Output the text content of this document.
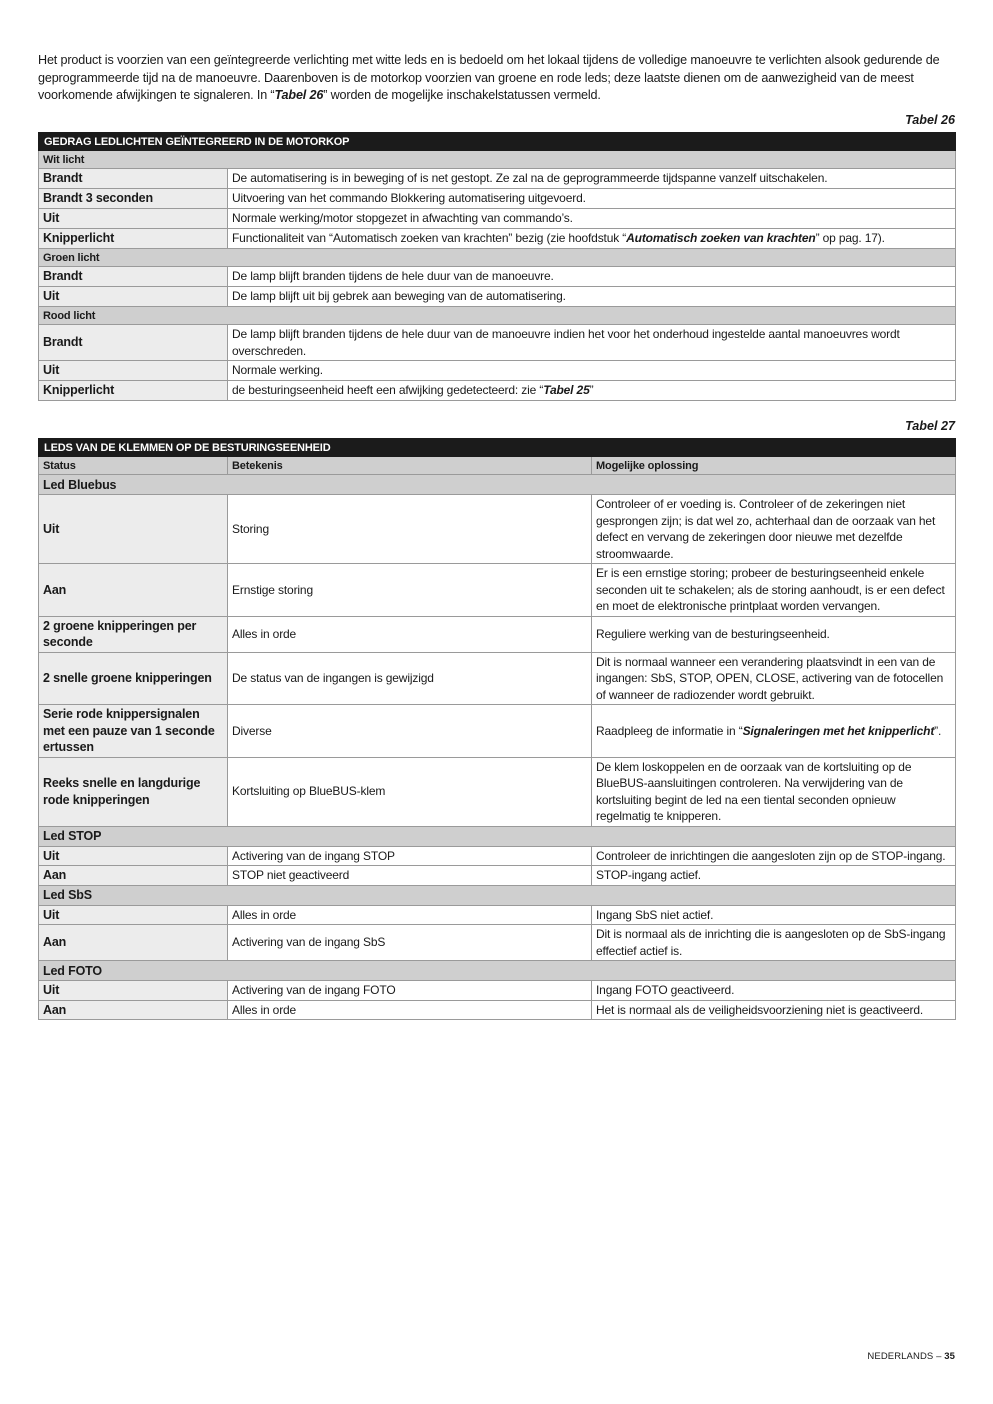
Het product is voorzien van een geïntegreerde verlichting met witte leds en is bedoeld om het lokaal tijdens de volledige manoeuvre te verlichten alsook gedurende de geprogrammeerde tijd na de manoeuvre. Daarenboven is de motorkop voorzien van groene en rode leds; deze laatste dienen om de aanwezigheid van de meest voorkomende afwijkingen te signaleren. In “Tabel 26” worden de mogelijke inschakelstatussen vermeld.
Tabel 26
GEDRAG LEDLICHTEN GEÏNTEGREERD IN DE MOTORKOP	
Wit licht	
Brandt	De automatisering is in beweging of is net gestopt. Ze zal na de geprogrammeerde tijdspanne vanzelf uitschakelen.
Brandt 3 seconden	Uitvoering van het commando Blokkering automatisering uitgevoerd.
Uit	Normale werking/motor stopgezet in afwachting van commando’s.
Knipperlicht	Functionaliteit van “Automatisch zoeken van krachten” bezig (zie hoofdstuk “Automatisch zoeken van krachten” op pag. 17).
Groen licht	
Brandt	De lamp blijft branden tijdens de hele duur van de manoeuvre.
Uit	De lamp blijft uit bij gebrek aan beweging van de automatisering.
Rood licht	
Brandt	De lamp blijft branden tijdens de hele duur van de manoeuvre indien het voor het onderhoud ingestelde aantal manoeuvres wordt overschreden.
Uit	Normale werking.
Knipperlicht	de besturingseenheid heeft een afwijking gedetecteerd: zie “Tabel 25”
Tabel 27
LEDS VAN DE KLEMMEN OP DE BESTURINGSEENHEID		
Status	Betekenis	Mogelijke oplossing
Led Bluebus		
Uit	Storing	Controleer of er voeding is. Controleer of de zekeringen niet gesprongen zijn; is dat wel zo, achterhaal dan de oorzaak van het defect en vervang de zekeringen door nieuwe met dezelfde stroomwaarde.
Aan	Ernstige storing	Er is een ernstige storing; probeer de besturingseenheid enkele seconden uit te schakelen; als de storing aanhoudt, is er een defect en moet de elektronische printplaat worden vervangen.
2 groene knipperingen per seconde	Alles in orde	Reguliere werking van de besturingseenheid.
2 snelle groene knipperingen	De status van de ingangen is gewijzigd	Dit is normaal wanneer een verandering plaatsvindt in een van de ingangen: SbS, STOP, OPEN, CLOSE, activering van de fotocellen of wanneer de radiozender wordt gebruikt.
Serie rode knippersignalen met een pauze van 1 seconde ertussen	Diverse	Raadpleeg de informatie in “Signaleringen met het knipperlicht”.
Reeks snelle en langdurige rode knipperingen	Kortsluiting op BlueBUS-klem	De klem loskoppelen en de oorzaak van de kortsluiting op de BlueBUS-aansluitingen controleren. Na verwijdering van de kortsluiting begint de led na een tiental seconden opnieuw regelmatig te knipperen.
Led STOP		
Uit	Activering van de ingang STOP	Controleer de inrichtingen die aangesloten zijn op de STOP-ingang.
Aan	STOP niet geactiveerd	STOP-ingang actief.
Led SbS		
Uit	Alles in orde	Ingang SbS niet actief.
Aan	Activering van de ingang SbS	Dit is normaal als de inrichting die is aangesloten op de SbS-ingang effectief actief is.
Led FOTO		
Uit	Activering van de ingang FOTO	Ingang FOTO geactiveerd.
Aan	Alles in orde	Het is normaal als de veiligheidsvoorziening niet is geactiveerd.
NEDERLANDS – 35
